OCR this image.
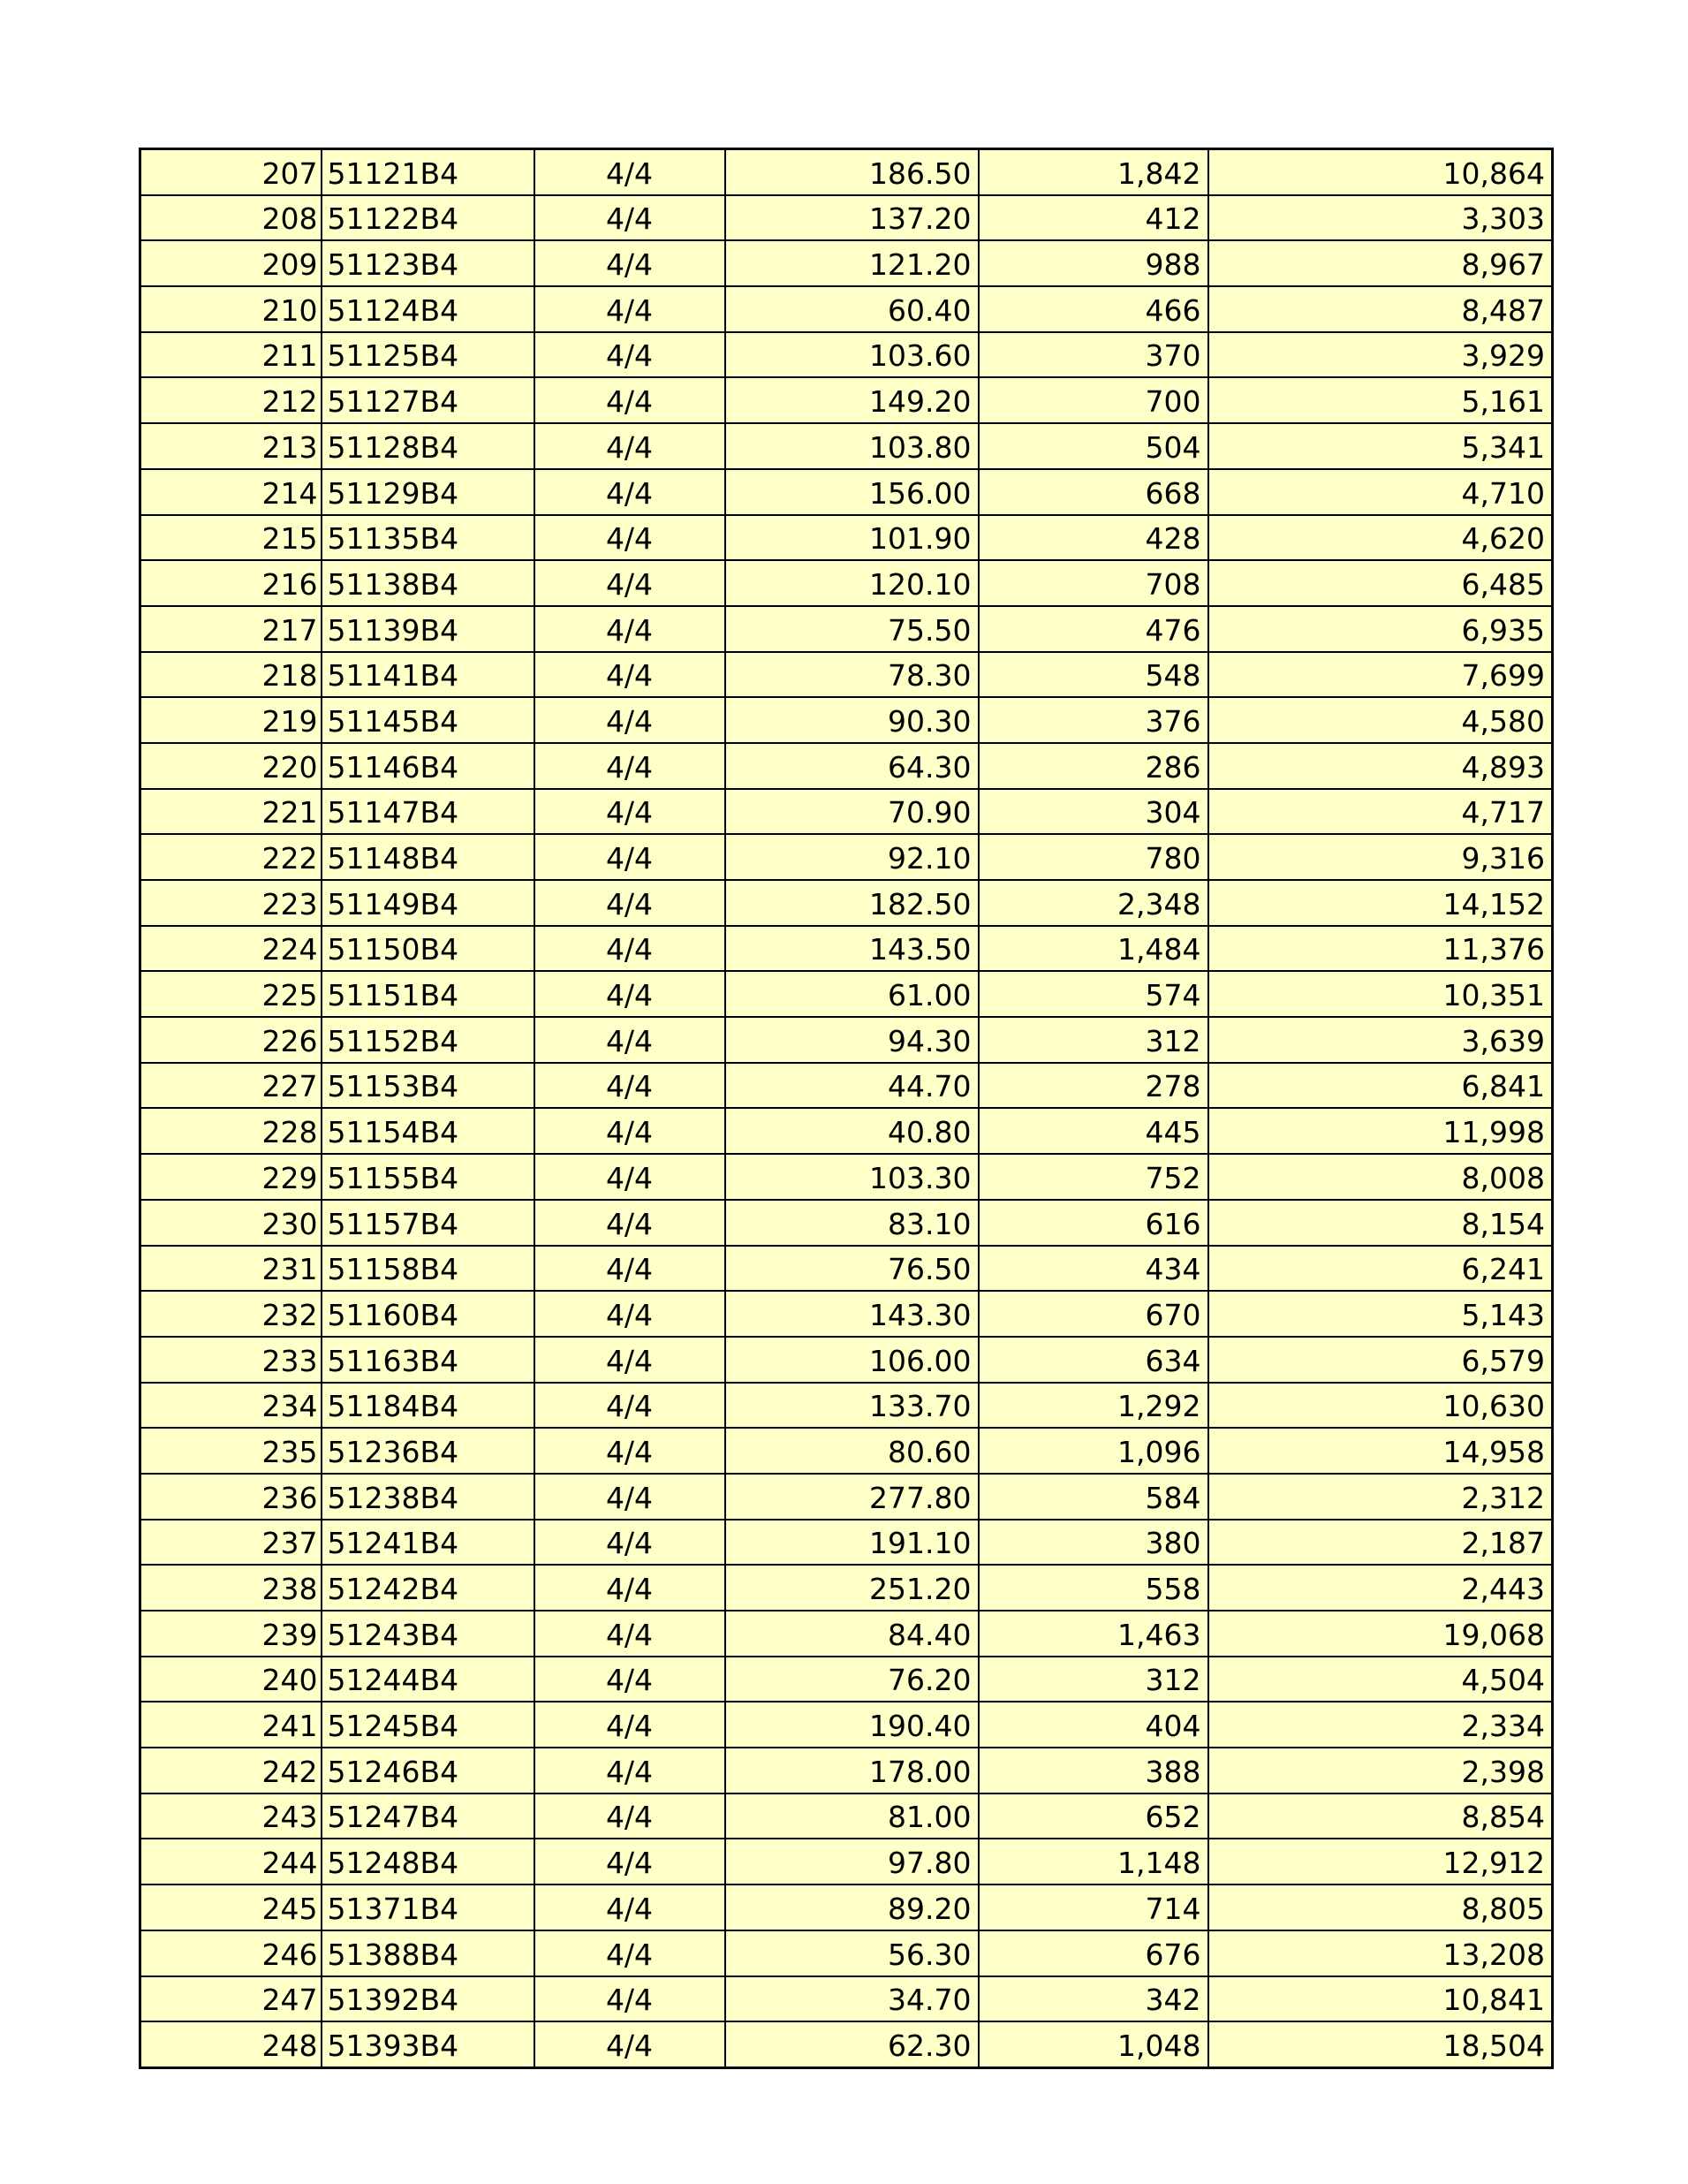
207	51121B4	4/4	186.50	1,842	10,864
208	51122B4	4/4	137.20	412	3,303
209	51123B4	4/4	121.20	988	8,967
210	51124B4	4/4	60.40	466	8,487
211	51125B4	4/4	103.60	370	3,929
212	51127B4	4/4	149.20	700	5,161
213	51128B4	4/4	103.80	504	5,341
214	51129B4	4/4	156.00	668	4,710
215	51135B4	4/4	101.90	428	4,620
216	51138B4	4/4	120.10	708	6,485
217	51139B4	4/4	75.50	476	6,935
218	51141B4	4/4	78.30	548	7,699
219	51145B4	4/4	90.30	376	4,580
220	51146B4	4/4	64.30	286	4,893
221	51147B4	4/4	70.90	304	4,717
222	51148B4	4/4	92.10	780	9,316
223	51149B4	4/4	182.50	2,348	14,152
224	51150B4	4/4	143.50	1,484	11,376
225	51151B4	4/4	61.00	574	10,351
226	51152B4	4/4	94.30	312	3,639
227	51153B4	4/4	44.70	278	6,841
228	51154B4	4/4	40.80	445	11,998
229	51155B4	4/4	103.30	752	8,008
230	51157B4	4/4	83.10	616	8,154
231	51158B4	4/4	76.50	434	6,241
232	51160B4	4/4	143.30	670	5,143
233	51163B4	4/4	106.00	634	6,579
234	51184B4	4/4	133.70	1,292	10,630
235	51236B4	4/4	80.60	1,096	14,958
236	51238B4	4/4	277.80	584	2,312
237	51241B4	4/4	191.10	380	2,187
238	51242B4	4/4	251.20	558	2,443
239	51243B4	4/4	84.40	1,463	19,068
240	51244B4	4/4	76.20	312	4,504
241	51245B4	4/4	190.40	404	2,334
242	51246B4	4/4	178.00	388	2,398
243	51247B4	4/4	81.00	652	8,854
244	51248B4	4/4	97.80	1,148	12,912
245	51371B4	4/4	89.20	714	8,805
246	51388B4	4/4	56.30	676	13,208
247	51392B4	4/4	34.70	342	10,841
248	51393B4	4/4	62.30	1,048	18,504
